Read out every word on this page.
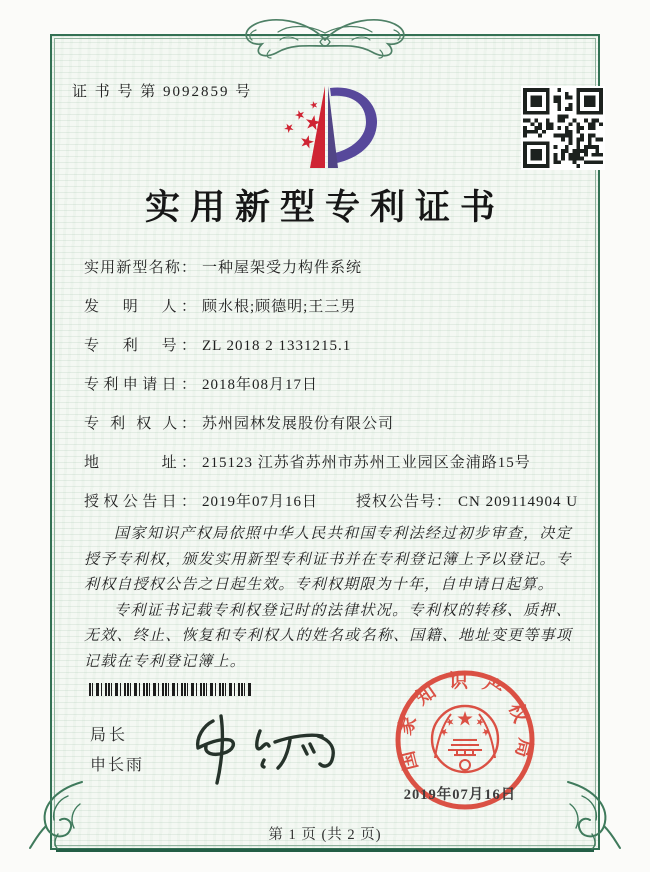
证 书 号 第 9092859 号
实用新型专利证书
实用新型名称： 一种屋架受力构件系统
发　明　人： 顾水根;顾德明;王三男
专　利　号： ZL 2018 2 1331215.1
专利申请日： 2018年08月17日
专 利 权 人： 苏州园林发展股份有限公司
地　　　址： 215123 江苏省苏州市苏州工业园区金浦路15号
授权公告日： 2019年07月16日	授权公告号： CN 209114904 U

国家知识产权局依照中华人民共和国专利法经过初步审查，决定授予专利权，颁发实用新型专利证书并在专利登记簿上予以登记。专利权自授权公告之日起生效。专利权期限为十年，自申请日起算。

专利证书记载专利权登记时的法律状况。专利权的转移、质押、无效、终止、恢复和专利权人的姓名或名称、国籍、地址变更等事项记载在专利登记簿上。

局长
申长雨	国家知识产权局
2019年07月16日
第 1 页 (共 2 页)
